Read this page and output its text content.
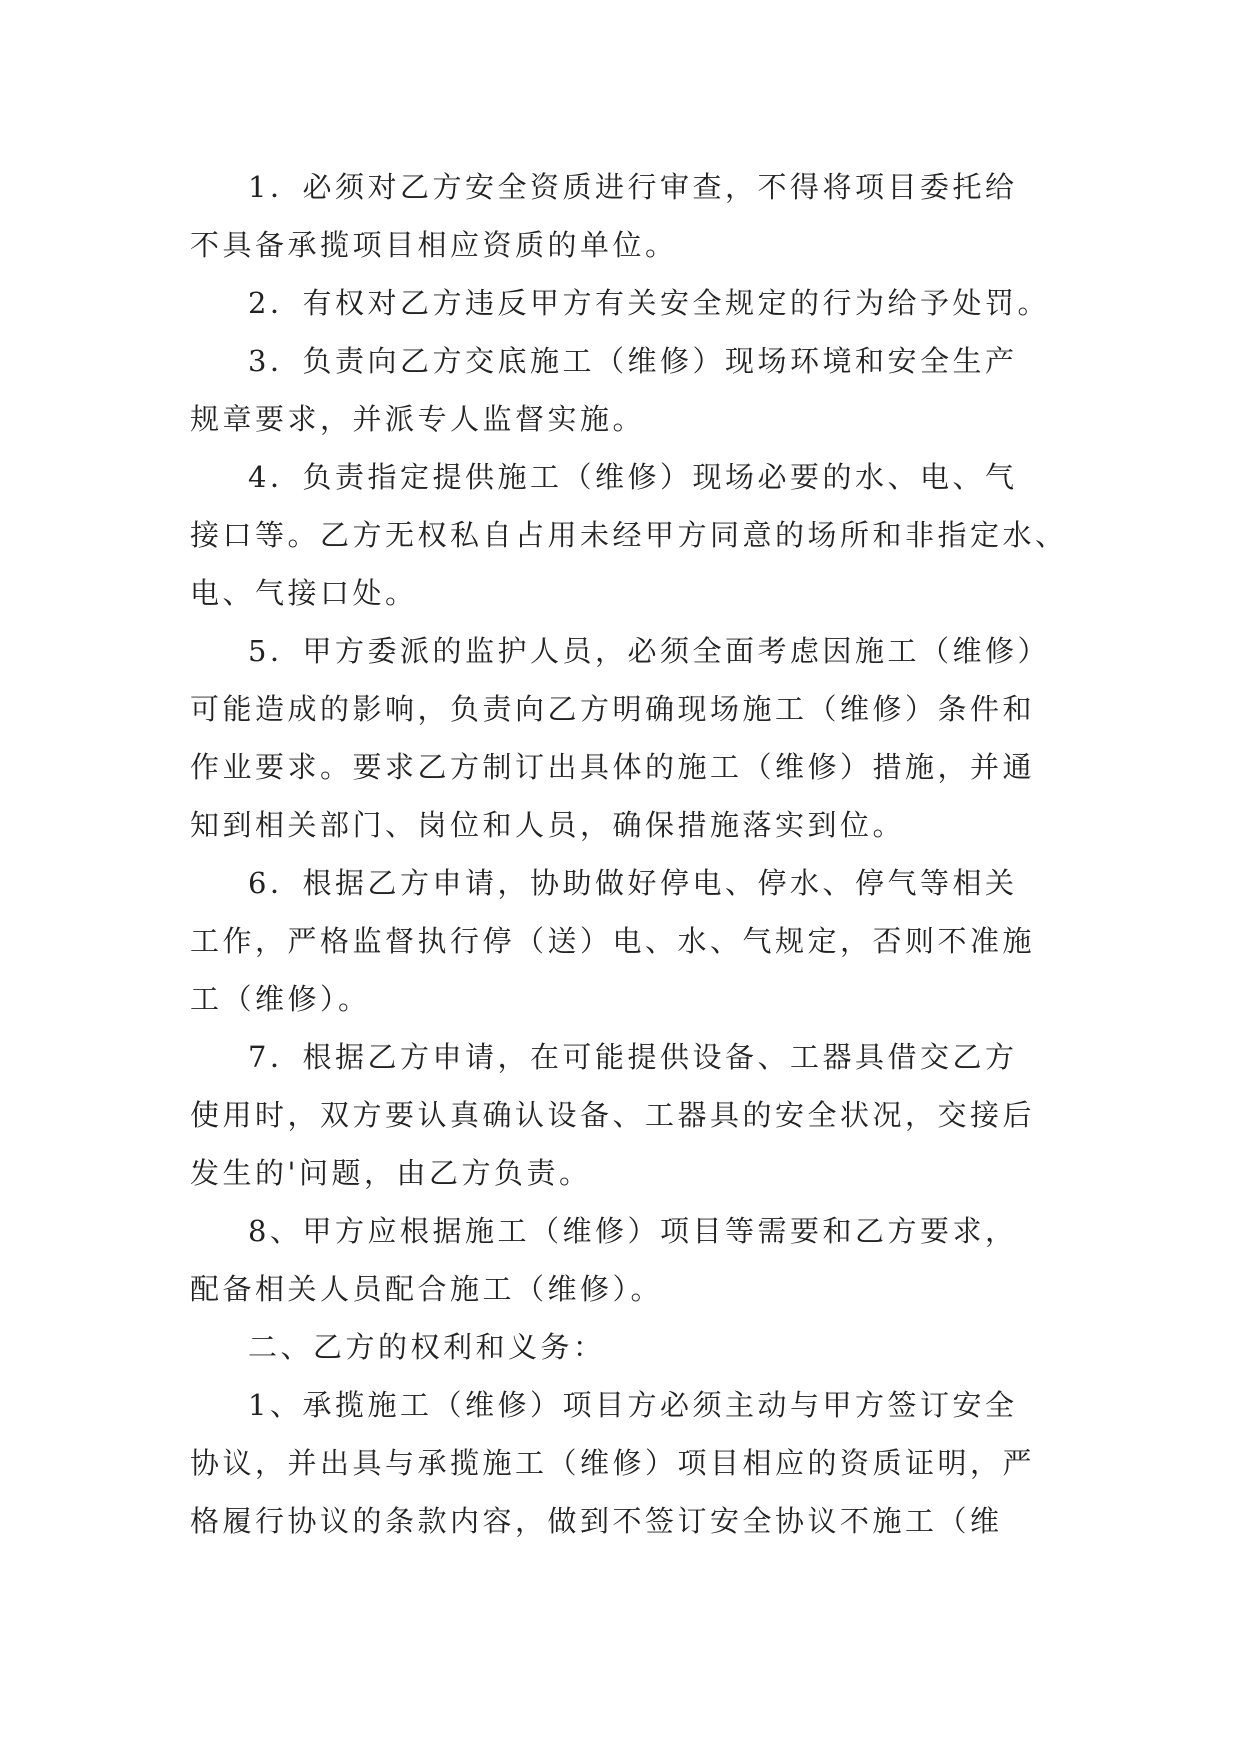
1．必须对乙方安全资质进行审查，不得将项目委托给
不具备承揽项目相应资质的单位。
2．有权对乙方违反甲方有关安全规定的行为给予处罚。
3．负责向乙方交底施工（维修）现场环境和安全生产
规章要求，并派专人监督实施。
4．负责指定提供施工（维修）现场必要的水、电、气
接口等。乙方无权私自占用未经甲方同意的场所和非指定水、
电、气接口处。
5．甲方委派的监护人员，必须全面考虑因施工（维修）
可能造成的影响，负责向乙方明确现场施工（维修）条件和
作业要求。要求乙方制订出具体的施工（维修）措施，并通
知到相关部门、岗位和人员，确保措施落实到位。
6．根据乙方申请，协助做好停电、停水、停气等相关
工作，严格监督执行停（送）电、水、气规定，否则不准施
工（维修）。
7．根据乙方申请，在可能提供设备、工器具借交乙方
使用时，双方要认真确认设备、工器具的安全状况，交接后
发生的'问题，由乙方负责。
8、甲方应根据施工（维修）项目等需要和乙方要求，
配备相关人员配合施工（维修）。
二、乙方的权利和义务：
1、承揽施工（维修）项目方必须主动与甲方签订安全
协议，并出具与承揽施工（维修）项目相应的资质证明，严
格履行协议的条款内容，做到不签订安全协议不施工（维
